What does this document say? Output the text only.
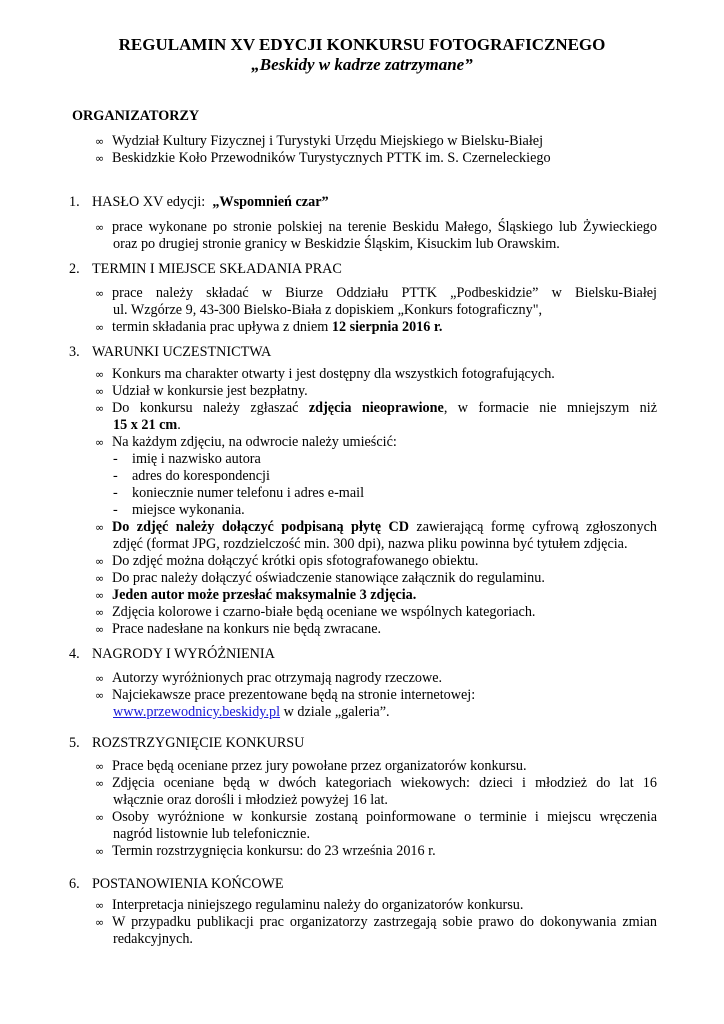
REGULAMIN XV EDYCJI KONKURSU FOTOGRAFICZNEGO
„Beskidy w kadrze zatrzymane”
ORGANIZATORZY
∞ Wydział Kultury Fizycznej i Turystyki Urzędu Miejskiego w Bielsku-Białej
∞ Beskidzkie Koło Przewodników Turystycznych PTTK im. S. Czerneleckiego
1. HASŁO XV edycji: „Wspomnień czar”
∞ prace wykonane po stronie polskiej na terenie Beskidu Małego, Śląskiego lub Żywieckiego
oraz po drugiej stronie granicy w Beskidzie Śląskim, Kisuckim lub Orawskim.
2. TERMIN I MIEJSCE SKŁADANIA PRAC
∞ prace należy składać w Biurze Oddziału PTTK „Podbeskidzie” w Bielsku-Białej
ul. Wzgórze 9, 43-300 Bielsko-Biała z dopiskiem „Konkurs fotograficzny",
∞ termin składania prac upływa z dniem 12 sierpnia 2016 r.
3. WARUNKI UCZESTNICTWA
∞ Konkurs ma charakter otwarty i jest dostępny dla wszystkich fotografujących.
∞ Udział w konkursie jest bezpłatny.
∞ Do konkursu należy zgłaszać zdjęcia nieoprawione, w formacie nie mniejszym niż
15 x 21 cm.
∞ Na każdym zdjęciu, na odwrocie należy umieścić:
- imię i nazwisko autora
- adres do korespondencji
- koniecznie numer telefonu i adres e-mail
- miejsce wykonania.
∞ Do zdjęć należy dołączyć podpisaną płytę CD zawierającą formę cyfrową zgłoszonych
zdjęć (format JPG, rozdzielczość min. 300 dpi), nazwa pliku powinna być tytułem zdjęcia.
∞ Do zdjęć można dołączyć krótki opis sfotografowanego obiektu.
∞ Do prac należy dołączyć oświadczenie stanowiące załącznik do regulaminu.
∞ Jeden autor może przesłać maksymalnie 3 zdjęcia.
∞ Zdjęcia kolorowe i czarno-białe będą oceniane we wspólnych kategoriach.
∞ Prace nadesłane na konkurs nie będą zwracane.
4. NAGRODY I WYRÓŻNIENIA
∞ Autorzy wyróżnionych prac otrzymają nagrody rzeczowe.
∞ Najciekawsze prace prezentowane będą na stronie internetowej:
www.przewodnicy.beskidy.pl w dziale „galeria”.
5. ROZSTRZYGNIĘCIE KONKURSU
∞ Prace będą oceniane przez jury powołane przez organizatorów konkursu.
∞ Zdjęcia oceniane będą w dwóch kategoriach wiekowych: dzieci i młodzież do lat 16
włącznie oraz dorośli i młodzież powyżej 16 lat.
∞ Osoby wyróżnione w konkursie zostaną poinformowane o terminie i miejscu wręczenia
nagród listownie lub telefonicznie.
∞ Termin rozstrzygnięcia konkursu: do 23 września 2016 r.
6. POSTANOWIENIA KOŃCOWE
∞ Interpretacja niniejszego regulaminu należy do organizatorów konkursu.
∞ W przypadku publikacji prac organizatorzy zastrzegają sobie prawo do dokonywania zmian
redakcyjnych.
